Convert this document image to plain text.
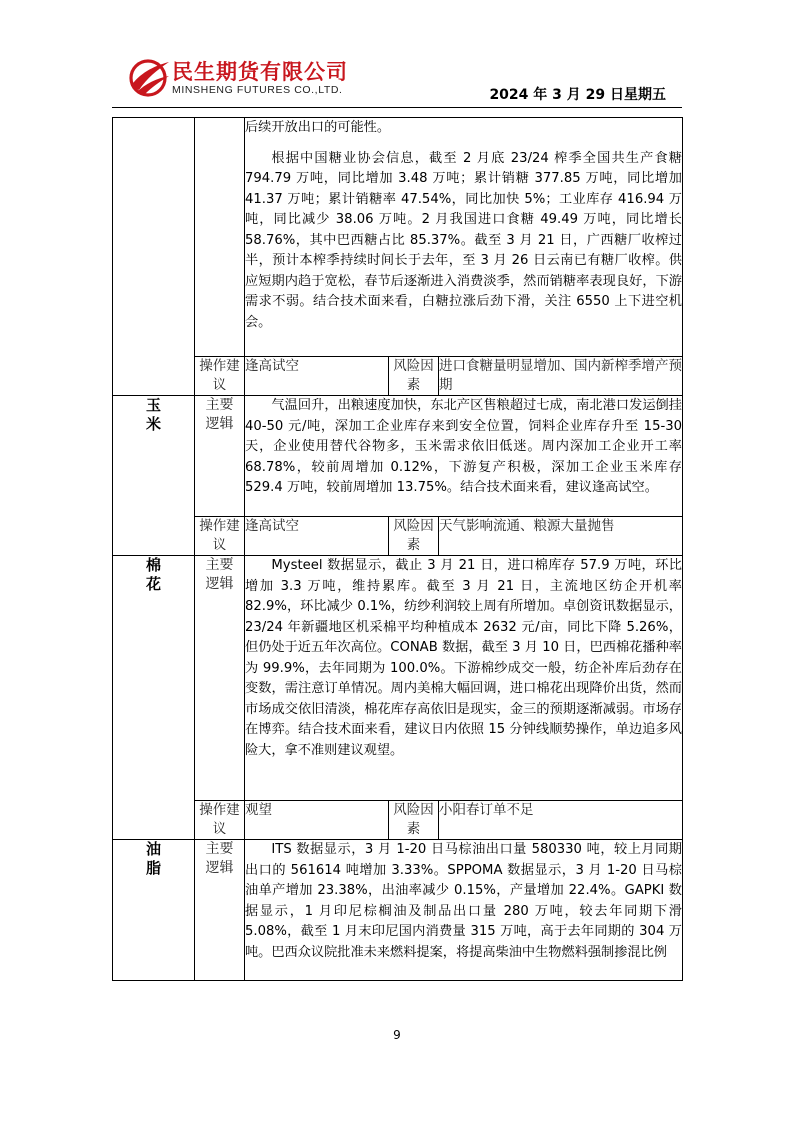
民生期货有限公司
MINSHENG FUTURES CO.,LTD.	2024 年 3 月 29 日星期五

		后续开放出口的可能性。

根据中国糖业协会信息，截至 2 月底 23/24 榨季全国共生产食糖 794.79 万吨，同比增加 3.48 万吨；累计销糖 377.85 万吨，同比增加 41.37 万吨；累计销糖率 47.54%，同比加快 5%；工业库存 416.94 万吨，同比减少 38.06 万吨。2 月我国进口食糖 49.49 万吨，同比增长 58.76%，其中巴西糖占比 85.37%。截至 3 月 21 日，广西糖厂收榨过半，预计本榨季持续时间长于去年，至 3 月 26 日云南已有糖厂收榨。供应短期内趋于宽松，春节后逐渐进入消费淡季，然而销糖率表现良好，下游需求不弱。结合技术面来看，白糖拉涨后劲下滑，关注 6550 上下进空机会。		

	操作建议	逢高试空	风险因素	进口食糖量明显增加、国内新榨季增产预期

玉米	主要逻辑	气温回升，出粮速度加快，东北产区售粮超过七成，南北港口发运倒挂 40-50 元/吨，深加工企业库存来到安全位置，饲料企业库存升至 15-30 天，企业使用替代谷物多，玉米需求依旧低迷。周内深加工企业开工率 68.78%，较前周增加 0.12%，下游复产积极，深加工企业玉米库存 529.4 万吨，较前周增加 13.75%。结合技术面来看，建议逢高试空。		

	操作建议	逢高试空	风险因素	天气影响流通、粮源大量抛售

棉花	主要逻辑	Mysteel 数据显示，截止 3 月 21 日，进口棉库存 57.9 万吨，环比增加 3.3 万吨，维持累库。截至 3 月 21 日，主流地区纺企开机率 82.9%，环比减少 0.1%，纺纱利润较上周有所增加。卓创资讯数据显示，23/24 年新疆地区机采棉平均种植成本 2632 元/亩，同比下降 5.26%，但仍处于近五年次高位。CONAB 数据，截至 3 月 10 日，巴西棉花播种率为 99.9%，去年同期为 100.0%。下游棉纱成交一般，纺企补库后劲存在变数，需注意订单情况。周内美棉大幅回调，进口棉花出现降价出货，然而市场成交依旧清淡，棉花库存高依旧是现实，金三的预期逐渐减弱。市场存在博弈。结合技术面来看，建议日内依照 15 分钟线顺势操作，单边追多风险大，拿不准则建议观望。		

	操作建议	观望	风险因素	小阳春订单不足

油脂	主要逻辑	ITS 数据显示，3 月 1-20 日马棕油出口量 580330 吨，较上月同期出口的 561614 吨增加 3.33%。SPPOMA 数据显示，3 月 1-20 日马棕油单产增加 23.38%，出油率减少 0.15%，产量增加 22.4%。GAPKI 数据显示，1 月印尼棕榈油及制品出口量 280 万吨，较去年同期下滑 5.08%，截至 1 月末印尼国内消费量 315 万吨，高于去年同期的 304 万吨。巴西众议院批准未来燃料提案，将提高柴油中生物燃料强制掺混比例		

9
